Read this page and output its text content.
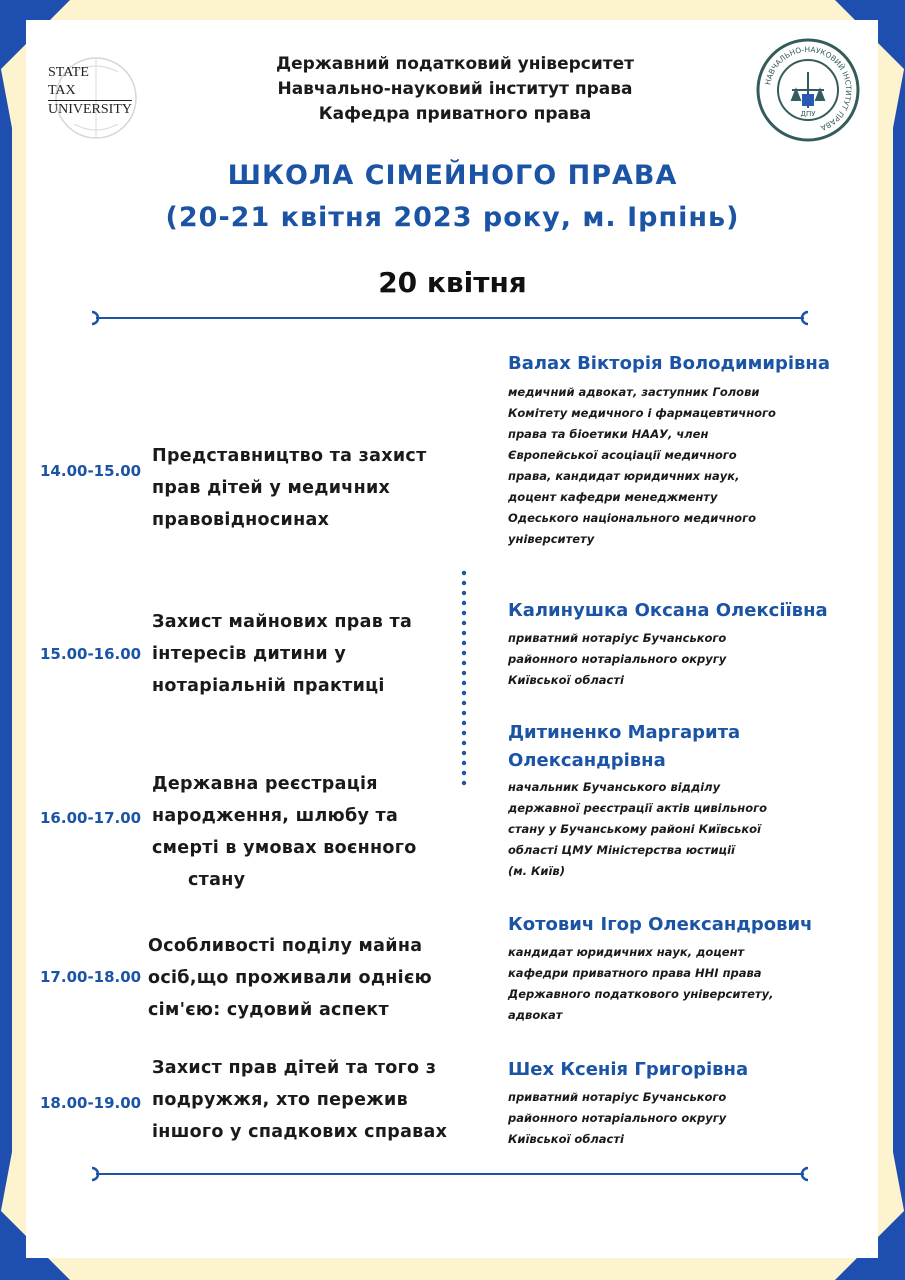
STATE
TAX
UNIVERSITY
НАВЧАЛЬНО-НАУКОВИЙ ІНСТИТУТ ПРАВА
ДПУ
Державний податковий університет
Навчально-науковий інститут права
Кафедра приватного права
ШКОЛА СІМЕЙНОГО ПРАВА
(20-21 квітня 2023 року, м. Ірпінь)
20 квітня
14.00-15.00
Представництво та захист
прав дітей у медичних
правовідносинах
15.00-16.00
Захист майнових прав та
інтересів дитини у
нотаріальній практиці
16.00-17.00
Державна реєстрація
народження, шлюбу та
смерті в умовах воєнного
стану
17.00-18.00
Особливості поділу майна
осіб,що проживали однією
сім'єю: судовий аспект
18.00-19.00
Захист прав дітей та того з
подружжя, хто пережив
іншого у спадкових справах
Валах Вікторія Володимирівна
медичний адвокат, заступник Голови
Комітету медичного і фармацевтичного
права та біоетики НААУ, член
Європейської асоціації медичного
права, кандидат юридичних наук,
доцент кафедри менеджменту
Одеського національного медичного
університету
Калинушка Оксана Олексіївна
приватний нотаріус Бучанського
районного нотаріального округу
Київської області
Дитиненко Маргарита
Олександрівна
начальник Бучанського відділу
державної реєстрації актів цивільного
стану у Бучанському районі Київської
області ЦМУ Міністерства юстиції
(м. Київ)
Котович Ігор Олександрович
кандидат юридичних наук, доцент
кафедри приватного права ННІ права
Державного податкового університету,
адвокат
Шех Ксенія Григорівна
приватний нотаріус Бучанського
районного нотаріального округу
Київської області
